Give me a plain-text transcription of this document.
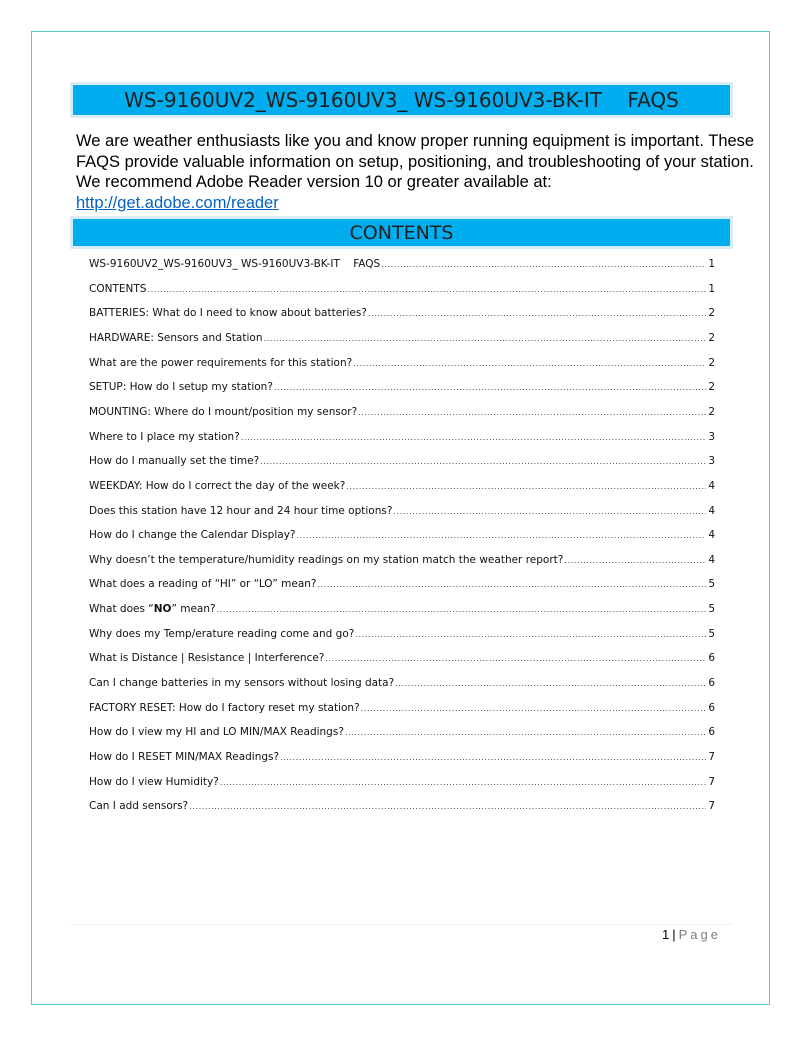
WS-9160UV2_WS-9160UV3_ WS-9160UV3-BK-IT    FAQS

We are weather enthusiasts like you and know proper running equipment is important. These

FAQS provide valuable information on setup, positioning, and troubleshooting of your station.

We recommend Adobe Reader version 10 or greater available at:

http://get.adobe.com/reader

CONTENTS
WS-9160UV2_WS-9160UV3_ WS-9160UV3-BK-IT    FAQS .....	1
CONTENTS .....	1
BATTERIES: What do I need to know about batteries? .....	2
HARDWARE: Sensors and Station .....	2
What are the power requirements for this station? .....	2
SETUP: How do I setup my station? .....	2
MOUNTING: Where do I mount/position my sensor? .....	2
Where to I place my station? .....	3
How do I manually set the time? .....	3
WEEKDAY: How do I correct the day of the week? .....	4
Does this station have 12 hour and 24 hour time options? .....	4
How do I change the Calendar Display? .....	4
Why doesn’t the temperature/humidity readings on my station match the weather report? .....	4
What does a reading of “HI” or “LO” mean? .....	5
What does “NO” mean? .....	5
Why does my Temp/erature reading come and go? .....	5
What is Distance | Resistance | Interference? .....	6
Can I change batteries in my sensors without losing data? .....	6
FACTORY RESET: How do I factory reset my station? .....	6
How do I view my HI and LO MIN/MAX Readings? .....	6
How do I RESET MIN/MAX Readings? .....	7
How do I view Humidity? .....	7
Can I add sensors? .....	7
1 | Page
